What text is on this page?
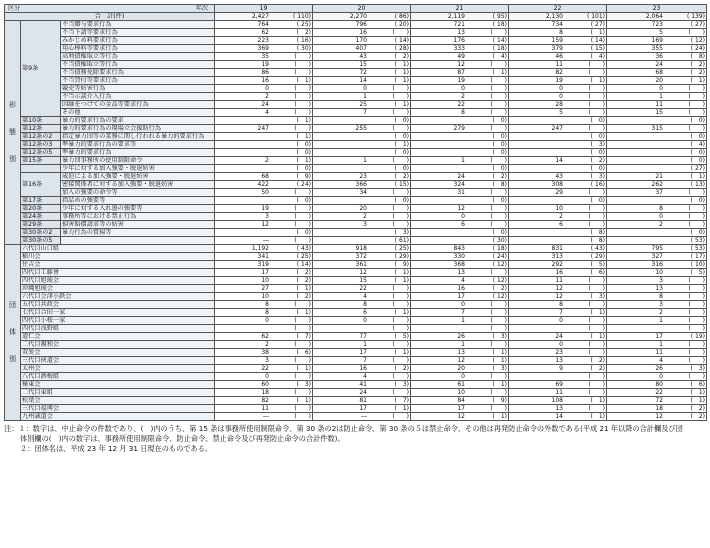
区分 年次			19	20	21	22	23
合　計(件)			2,427 ( 110)	2,270 ( 86)	2,119 ( 95)	2,130 ( 101)	2,064 ( 139)
形

態

別	第9条	不当贈与要求行為	764 ( 25)	796 ( 20)	721 ( 18)	734 ( 27)	723 ( 27)
		不当下請等要求行為	62 (　2)	16 (　　)	13 (　　)	8 (　1)	5 (　　)
		みかじめ料要求行為	223 ( 16)	170 ( 14)	176 ( 14)	159 ( 14)	169 ( 12)
		用心棒料等要求行為	369 ( 30)	407 ( 28)	333 ( 18)	379 ( 15)	355 ( 24)
		高利債権取立等行為	35 (　　)	43 (　2)	49 (　4)	46 (　4)	36 (　8)
		不当債権取立等行為	19 (　　)	15 (　1)	12 (　　)	11 (　　)	24 (　2)
		不当債務免除要求行為	86 (　　)	72 (　1)	87 (　1)	82 (　　)	68 (　2)
		不当貸付等要求行為	16 (　1)	14 (　1)	19 (　　)	19 (　1)	20 (　1)
		競売等妨害行為	0 (　　)	0 (　　)	0 (　　)	0 (　　)	0 (　　)
		不当示談介入行為	2 (　　)	1 (　　)	2 (　　)	0 (　　)	1 (　　)
		因縁をつけての金品等要求行為	24 (　　)	25 (　1)	22 (　　)	28 (　　)	11 (　　)
		その他	4 (　　)	7 (　　)	8 (　　)	5 (　　)	15 (　　)
	第10条	暴力的要求行為の要求	(　1)	(　0)	(　0)	(　0)	(　0)
	第12条	暴力的要求行為の現場立会援助行為	247 (　　)	255 (　　)	279 (　　)	247 (　　)	315 (　　)
	第12条の2	指定暴力団等の業務に関し行われる暴力的要求行為	(　1)	(　0)	(　0)	(　0)	(　0)
	第12条の3	準暴力的要求行為の要求等	(　0)	(　1)	(　0)	(　3)	(　4)
	第12条の5	準暴力的要求行為	(　0)	(　0)	(　0)	(　0)	(　0)
	第15条	暴力団事務所の使用制限命令	2 (　1)	1 (　　)	1 (　　)	14 (　2)	(　0)
		少年に対する加入強要・脱退妨害	(　0)	(　0)	(　0)	(　0)	( 27)
	第16条	威迫による加入強要・脱退妨害	68 (　9)	23 (　2)	24 (　2)	43 (　3)	21 (　1)
		密接関係者に対する加入強要・脱退妨害	422 ( 24)	366 ( 15)	324 (　8)	308 ( 16)	262 ( 13)
		加入の強要の命令等	50 (　　)	34 (　　)	31 (　　)	29 (　　)	37 (　　)
	第17条	指詰めの強要等	(　0)	(　0)	(　0)	(　0)	(　0)
	第20条	少年に対する入れ墨の強要等	19 (　　)	20 (　　)	12 (　　)	10 (　　)	8 (　　)
	第24条	事務所等における禁止行為	3 (　　)	2 (　　)	0 (　　)	2 (　　)	0 (　　)
	第29条	損害賠償請求等の妨害	12 (　　)	3 (　　)	6 (　　)	6 (　　)	2 (　　)
	第30条の2	暴力行為の賞揚等	(　0)	(　3)	(　0)	(　8)	(　0)
	第30条の5		― (　　)	( 61)	( 30)	(　8)	( 53)
団

体

別	六代目山口組		1,192 ( 43)	918 ( 25)	843 ( 18)	831 ( 43)	795 ( 53)
	稲川会		341 ( 25)	372 ( 29)	330 ( 24)	313 ( 29)	327 ( 17)
	住吉会		319 ( 14)	361 (　9)	368 ( 12)	292 (　5)	316 ( 10)
	四代目工藤會		17 (　2)	12 (　1)	13 (　　)	16 (　6)	10 (　5)
	四代目旭琉会		10 (　2)	15 (　1)	4 ( 12)	11 (　　)	3 (　　)
	沖縄旭琉会		27 (　1)	22 (　　)	16 (　2)	12 (　　)	13 (　　)
	六代目会津小鉄会		10 (　2)	4 (　　)	17 ( 12)	12 (　3)	8 (　　)
	五代目共政会		8 (　　)	8 (　　)	0 (　　)	8 (　　)	3 (　　)
	七代目合田一家		8 (　1)	6 (　1)	7 (　　)	7 (　1)	2 (　　)
	四代目小桜一家		0 (　　)	0 (　　)	1 (　　)	0 (　　)	1 (　　)
	四代目浅野組		(　　)	(　　)	(　　)	(　　)	(　　)
	道仁会		62 (　7)	77 (　5)	26 (　3)	24 (　1)	17 ( 19)
	二代目親和会		2 (　　)	1 (　　)	1 (　　)	0 (　　)	1 (　　)
	双愛会		38 (　6)	17 (　1)	13 (　1)	23 (　　)	11 (　　)
	三代目俠道会		3 (　　)	7 (　　)	12 (　1)	13 (　2)	4 (　　)
	太州会		22 (　1)	16 (　2)	20 (　3)	9 (　2)	26 (　3)
	八代目酒梅組		0 (　　)	4 (　　)	0 (　　)	(　　)	0 (　　)
	極東会		60 (　3)	41 (　3)	61 (　1)	69 (　　)	80 (　6)
	二代目東組		18 (　　)	24 (　　)	10 (　　)	11 (　　)	22 (　1)
	松葉会		82 (　1)	81 (　7)	84 (　9)	108 (　1)	72 (　1)
	三代目福博会		11 (　　)	17 (　1)	17 (　　)	13 (　　)	18 (　2)
	九州誠道会		― (　　)	― (　　)	12 (　1)	14 (　1)	12 (　2)
注：１：数字は、中止命令の件数であり、(　)内のうち、第 15 条は事務所使用制限命令、第 30 条の2は防止命令、第 30 条の５は禁止命令、その他は再発防止命令の外数である(平成 21 年以降の合計欄及び団
体別欄の(　)内の数字は、事務所使用制限命令、防止命令、禁止命令及び再発防止命令の合計件数)。
２：団体名は、平成 23 年 12 月 31 日現在のものである。
